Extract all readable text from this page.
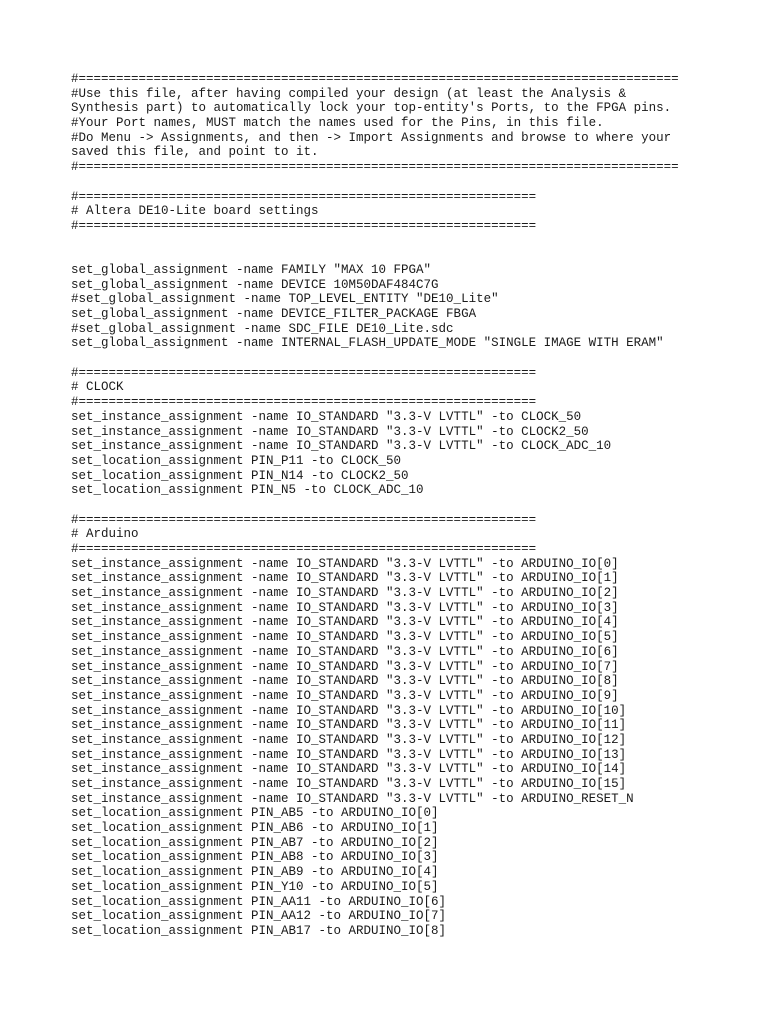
#================================================================================
#Use this file, after having compiled your design (at least the Analysis &
Synthesis part) to automatically lock your top-entity's Ports, to the FPGA pins.
#Your Port names, MUST match the names used for the Pins, in this file.
#Do Menu -> Assignments, and then -> Import Assignments and browse to where your
saved this file, and point to it.
#================================================================================
#=============================================================
# Altera DE10-Lite board settings
#=============================================================
set_global_assignment -name FAMILY "MAX 10 FPGA"
set_global_assignment -name DEVICE 10M50DAF484C7G
#set_global_assignment -name TOP_LEVEL_ENTITY "DE10_Lite"
set_global_assignment -name DEVICE_FILTER_PACKAGE FBGA
#set_global_assignment -name SDC_FILE DE10_Lite.sdc
set_global_assignment -name INTERNAL_FLASH_UPDATE_MODE "SINGLE IMAGE WITH ERAM"
#=============================================================
# CLOCK
#=============================================================
set_instance_assignment -name IO_STANDARD "3.3-V LVTTL" -to CLOCK_50
set_instance_assignment -name IO_STANDARD "3.3-V LVTTL" -to CLOCK2_50
set_instance_assignment -name IO_STANDARD "3.3-V LVTTL" -to CLOCK_ADC_10
set_location_assignment PIN_P11 -to CLOCK_50
set_location_assignment PIN_N14 -to CLOCK2_50
set_location_assignment PIN_N5 -to CLOCK_ADC_10
#=============================================================
# Arduino
#=============================================================
set_instance_assignment -name IO_STANDARD "3.3-V LVTTL" -to ARDUINO_IO[0]
set_instance_assignment -name IO_STANDARD "3.3-V LVTTL" -to ARDUINO_IO[1]
set_instance_assignment -name IO_STANDARD "3.3-V LVTTL" -to ARDUINO_IO[2]
set_instance_assignment -name IO_STANDARD "3.3-V LVTTL" -to ARDUINO_IO[3]
set_instance_assignment -name IO_STANDARD "3.3-V LVTTL" -to ARDUINO_IO[4]
set_instance_assignment -name IO_STANDARD "3.3-V LVTTL" -to ARDUINO_IO[5]
set_instance_assignment -name IO_STANDARD "3.3-V LVTTL" -to ARDUINO_IO[6]
set_instance_assignment -name IO_STANDARD "3.3-V LVTTL" -to ARDUINO_IO[7]
set_instance_assignment -name IO_STANDARD "3.3-V LVTTL" -to ARDUINO_IO[8]
set_instance_assignment -name IO_STANDARD "3.3-V LVTTL" -to ARDUINO_IO[9]
set_instance_assignment -name IO_STANDARD "3.3-V LVTTL" -to ARDUINO_IO[10]
set_instance_assignment -name IO_STANDARD "3.3-V LVTTL" -to ARDUINO_IO[11]
set_instance_assignment -name IO_STANDARD "3.3-V LVTTL" -to ARDUINO_IO[12]
set_instance_assignment -name IO_STANDARD "3.3-V LVTTL" -to ARDUINO_IO[13]
set_instance_assignment -name IO_STANDARD "3.3-V LVTTL" -to ARDUINO_IO[14]
set_instance_assignment -name IO_STANDARD "3.3-V LVTTL" -to ARDUINO_IO[15]
set_instance_assignment -name IO_STANDARD "3.3-V LVTTL" -to ARDUINO_RESET_N
set_location_assignment PIN_AB5 -to ARDUINO_IO[0]
set_location_assignment PIN_AB6 -to ARDUINO_IO[1]
set_location_assignment PIN_AB7 -to ARDUINO_IO[2]
set_location_assignment PIN_AB8 -to ARDUINO_IO[3]
set_location_assignment PIN_AB9 -to ARDUINO_IO[4]
set_location_assignment PIN_Y10 -to ARDUINO_IO[5]
set_location_assignment PIN_AA11 -to ARDUINO_IO[6]
set_location_assignment PIN_AA12 -to ARDUINO_IO[7]
set_location_assignment PIN_AB17 -to ARDUINO_IO[8]
